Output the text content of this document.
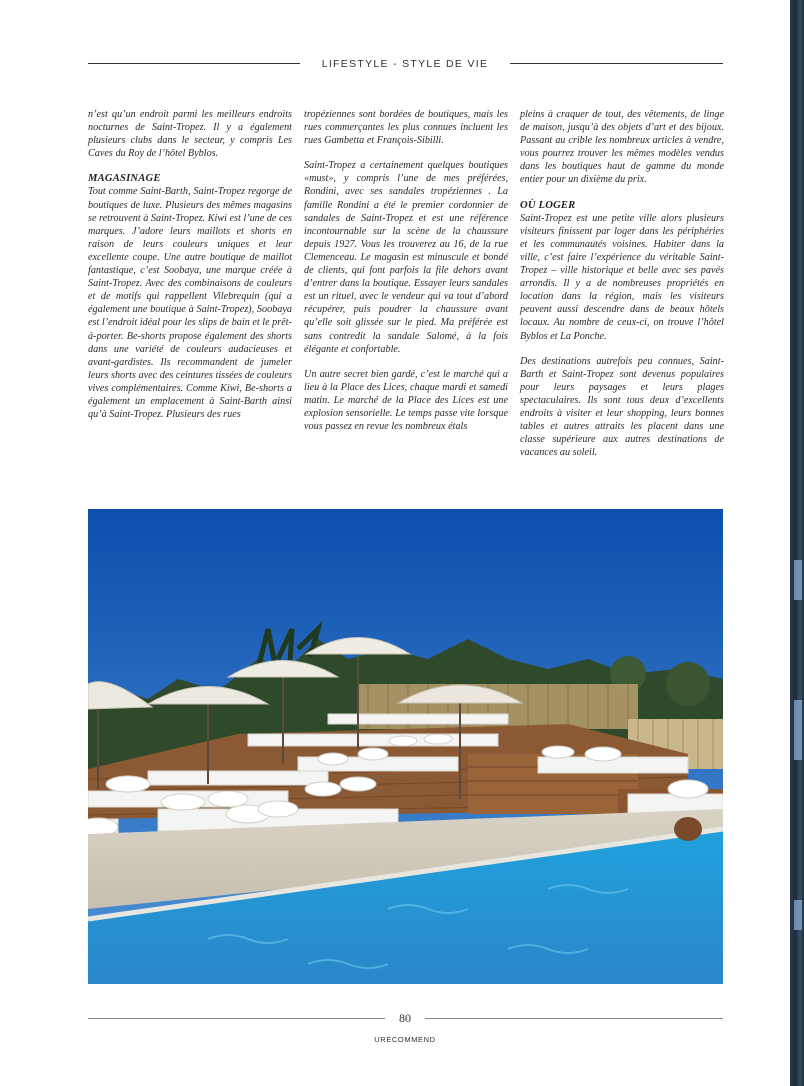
LIFESTYLE - STYLE DE VIE

n’est qu’un endroit parmi les meilleurs endroits nocturnes de Saint-Tropez. Il y a également plusieurs clubs dans le secteur, y compris Les Caves du Roy de l’hôtel Byblos.

MAGASINAGE

Tout comme Saint-Barth, Saint-Tropez regorge de boutiques de luxe. Plusieurs des mêmes magasins se retrouvent à Saint-Tropez. Kiwi est l’une de ces marques. J’adore leurs maillots et shorts en raison de leurs couleurs uniques et leur excellente coupe. Une autre boutique de maillot fantastique, c’est Soobaya, une marque créée à Saint-Tropez. Avec des combinaisons de couleurs et de motifs qui rappellent Vilebrequin (qui a également une boutique à Saint-Tropez), Soobaya est l’endroit idéal pour les slips de bain et le prêt-à-porter. Be-shorts propose également des shorts dans une variété de couleurs audacieuses et avant-gardistes. Ils recommandent de jumeler leurs shorts avec des ceintures tissées de couleurs vives complémentaires. Comme Kiwi, Be-shorts a également un emplacement à Saint-Barth ainsi qu’à Saint-Tropez. Plusieurs des rues

tropéziennes sont bordées de boutiques, mais les rues commerçantes les plus connues incluent les rues Gambetta et François-Sibilli.

Saint-Tropez a certainement quelques boutiques «must», y compris l’une de mes préférées, Rondini, avec ses sandales tropéziennes . La famille Rondini a été le premier cordonnier de sandales de Saint-Tropez et est une référence incontournable sur la scène de la chaussure depuis 1927. Vous les trouverez au 16, de la rue Clemenceau. Le magasin est minuscule et bondé de clients, qui font parfois la file dehors avant d’entrer dans la boutique. Essayer leurs sandales est un rituel, avec le vendeur qui va tout d’abord récupérer, puis poudrer la chaussure avant qu’elle soit glissée sur le pied. Ma préférée est sans contredit la sandale Salomé, à la fois élégante et confortable.

Un autre secret bien gardé, c’est le marché qui a lieu à la Place des Lices, chaque mardi et samedi matin. Le marché de la Place des Lices est une explosion sensorielle. Le temps passe vite lorsque vous passez en revue les nombreux étals

pleins à craquer de tout, des vêtements, de linge de maison, jusqu’à des objets d’art et des bijoux. Passant au crible les nombreux articles à vendre, vous pourrez trouver les mêmes modèles vendus dans les boutiques haut de gamme du monde entier pour un dixième du prix.

OÙ LOGER

Saint-Tropez est une petite ville alors plusieurs visiteurs finissent par loger dans les périphéries et les communautés voisines. Habiter dans la ville, c’est faire l’expérience du véritable Saint-Tropez – ville historique et belle avec ses pavés arrondis. Il y a de nombreuses propriétés en location dans la région, mais les visiteurs peuvent aussi descendre dans de beaux hôtels locaux. Au nombre de ceux-ci, on trouve l’hôtel Byblos et La Ponche.

Des destinations autrefois peu connues, Saint-Barth et Saint-Tropez sont devenus populaires pour leurs paysages et leurs plages spectaculaires. Ils sont tous deux d’excellents endroits à visiter et leur shopping, leurs bonnes tables et autres attraits les placent dans une classe supérieure aux autres destinations de vacances au soleil.

80
URECOMMEND
